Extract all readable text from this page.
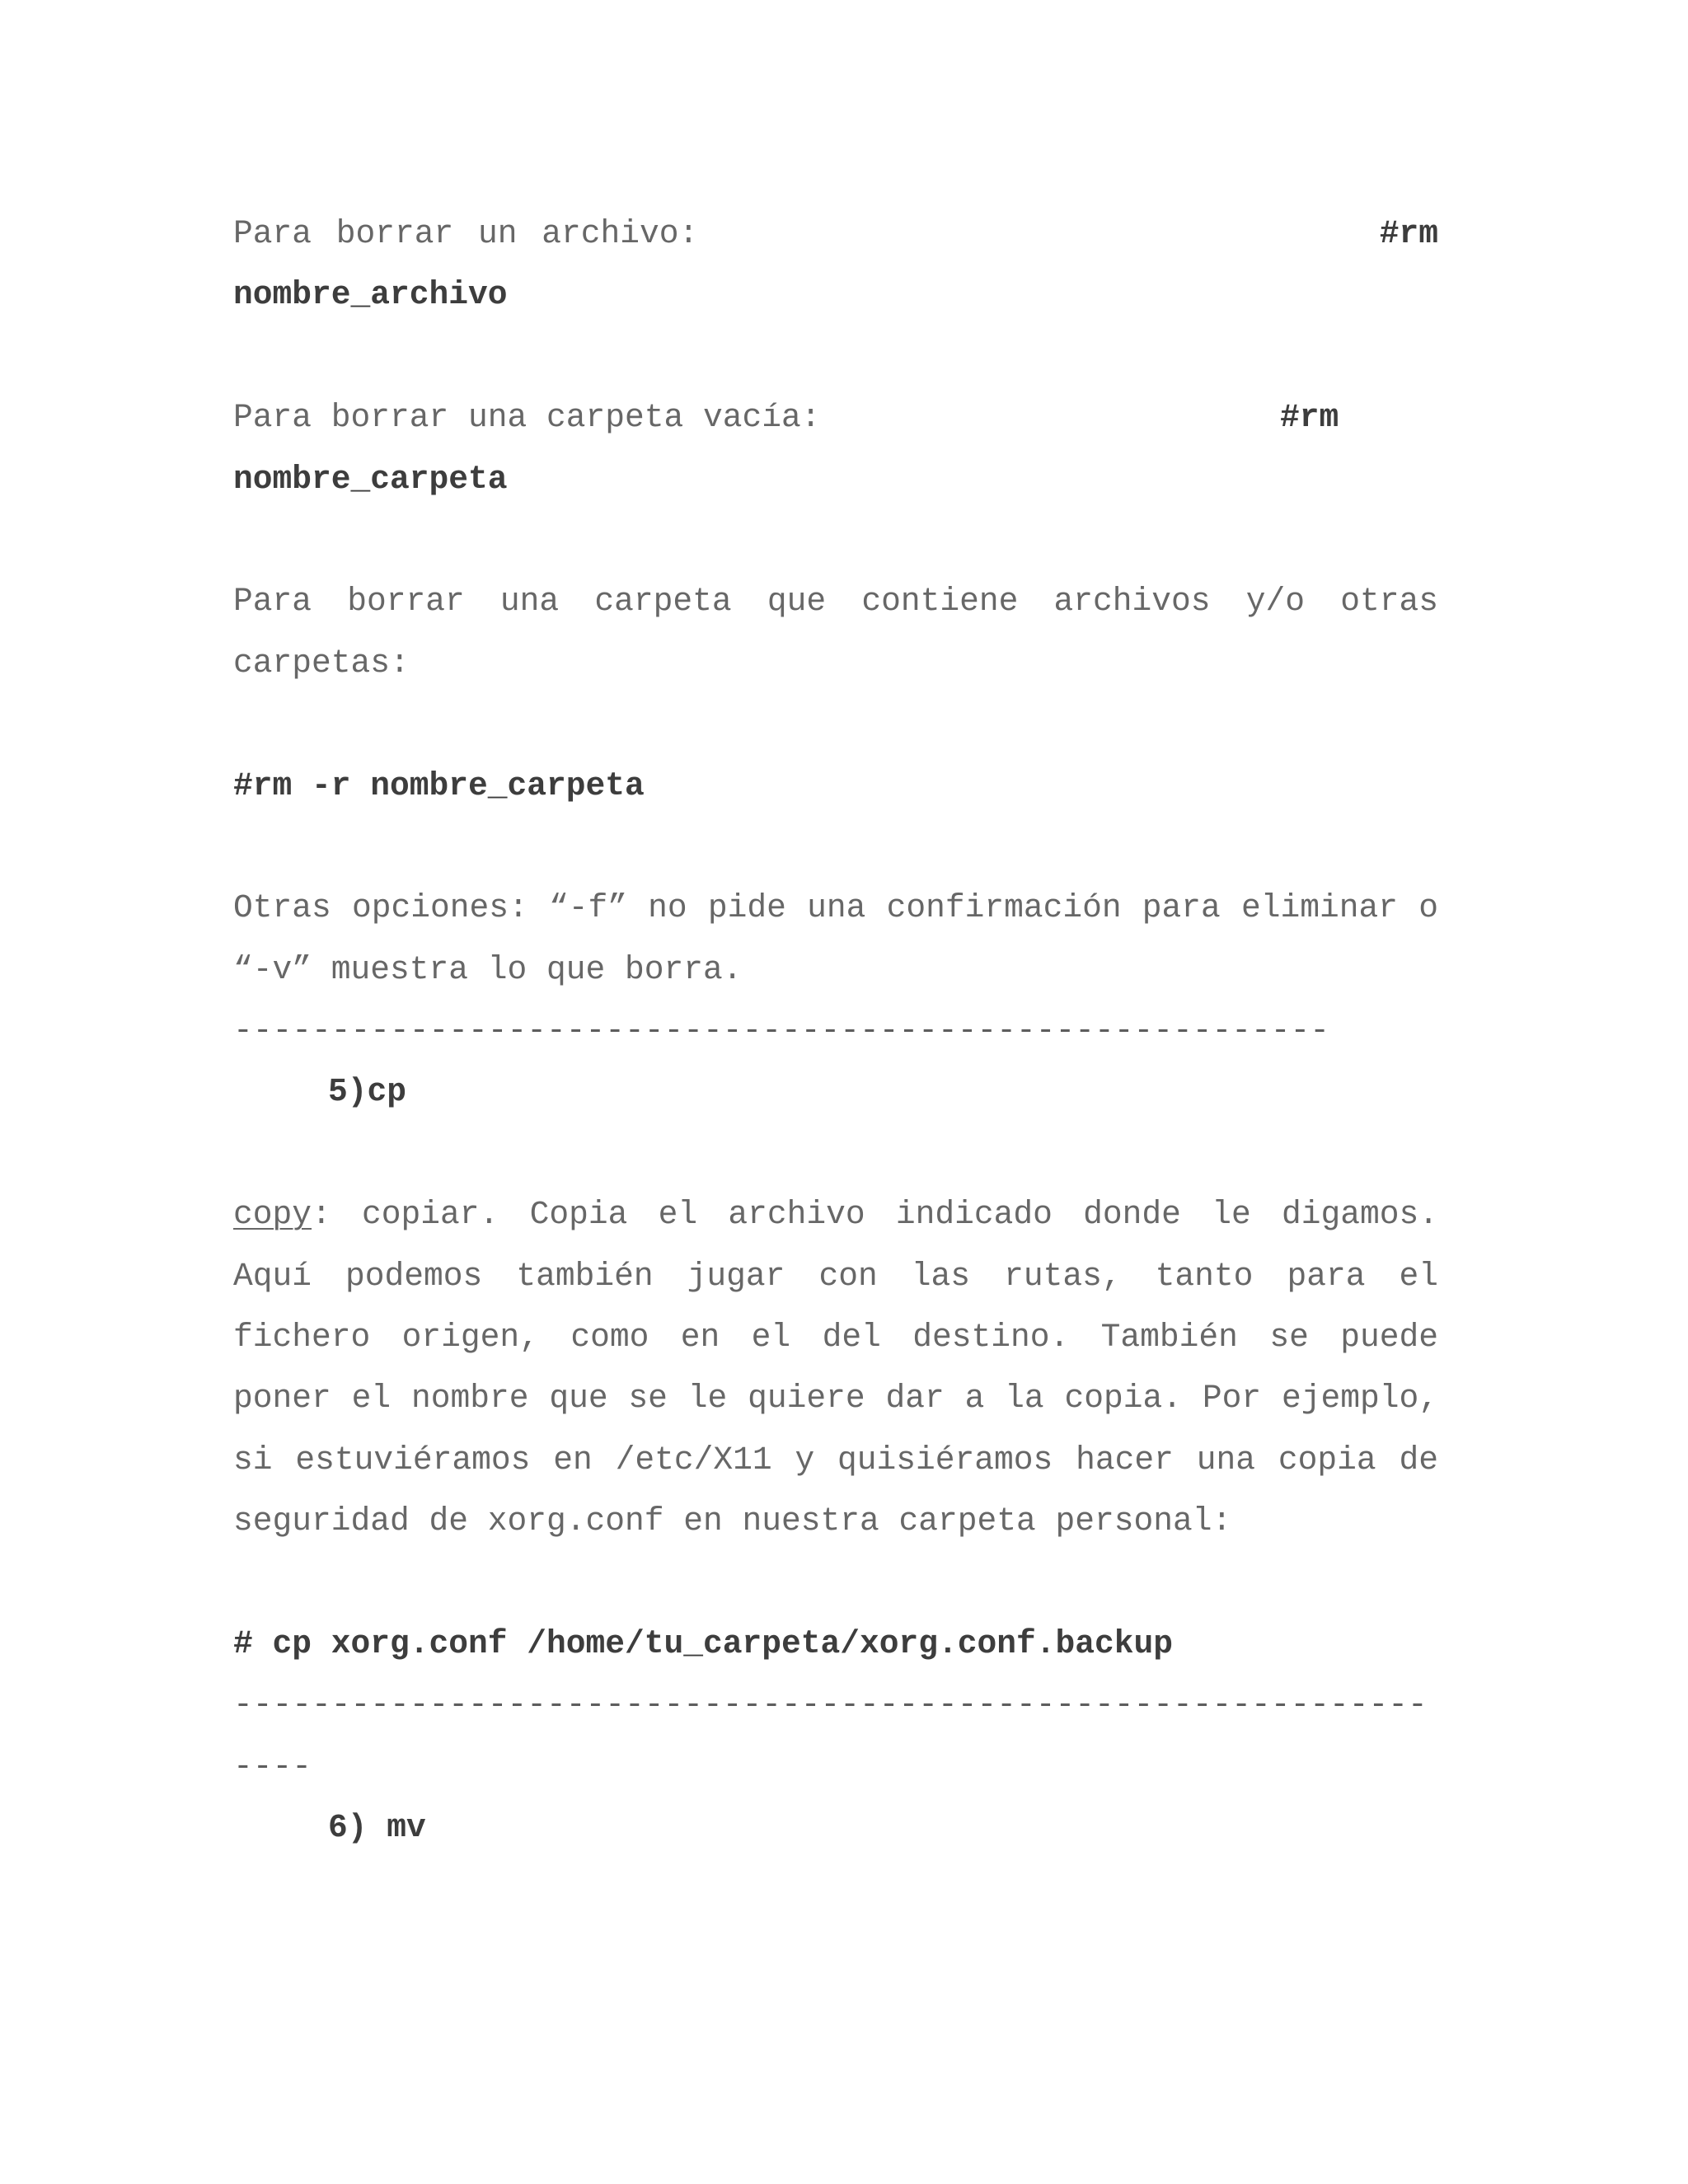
Para borrar un archivo:	#rm
nombre_archivo
Para borrar una carpeta vacía:	#rm
nombre_carpeta
Para borrar una carpeta que contiene archivos y/o otras
carpetas:
#rm -r nombre_carpeta
Otras opciones: “-f” no pide una confirmación para eliminar o
“-v” muestra lo que borra.
--------------------------------------------------------
5)cp
copy: copiar. Copia el archivo indicado donde le digamos.
Aquí podemos también jugar con las rutas, tanto para el
fichero origen, como en el del destino. También se puede
poner el nombre que se le quiere dar a la copia. Por ejemplo,
si estuviéramos en /etc/X11 y quisiéramos hacer una copia de
seguridad de xorg.conf en nuestra carpeta personal:
# cp xorg.conf /home/tu_carpeta/xorg.conf.backup
-------------------------------------------------------------
----
6) mv
